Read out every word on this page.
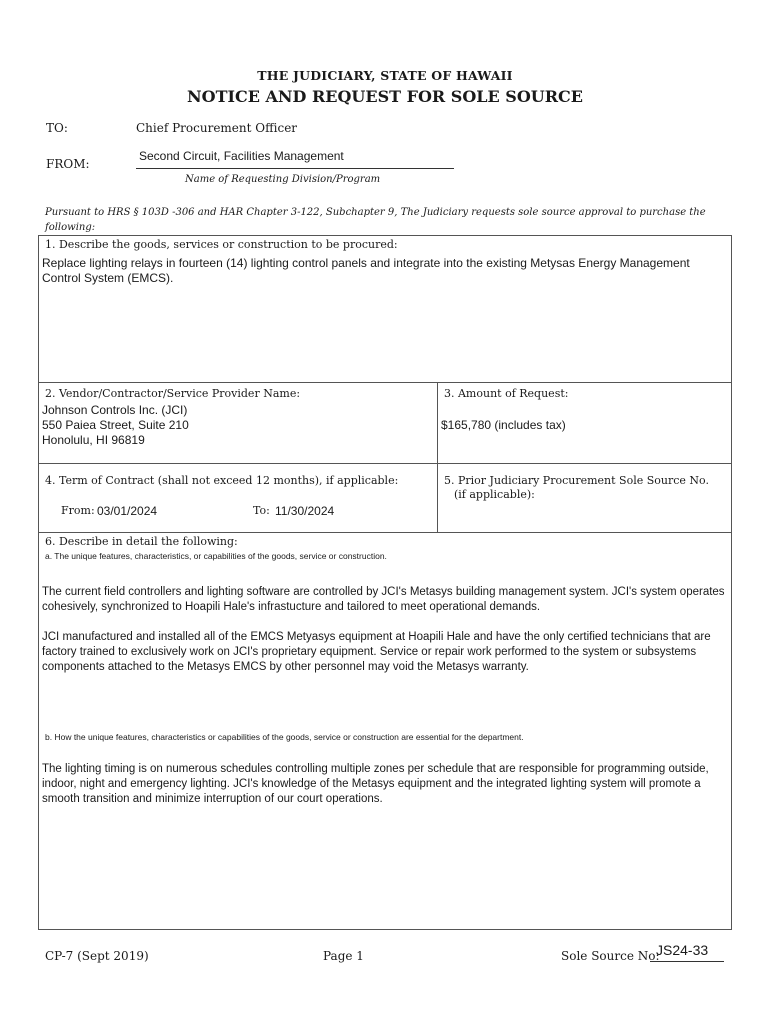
THE JUDICIARY, STATE OF HAWAII
NOTICE AND REQUEST FOR SOLE SOURCE
TO:	Chief Procurement Officer
FROM:
Second Circuit, Facilities Management
Name of Requesting Division/Program
Pursuant to HRS § 103D -306 and HAR Chapter 3-122, Subchapter 9, The Judiciary requests sole source approval to purchase the following:
1. Describe the goods, services or construction to be procured:
Replace lighting relays in fourteen (14) lighting control panels and integrate into the existing Metysas Energy Management Control System (EMCS).
2. Vendor/Contractor/Service Provider Name:
Johnson Controls Inc. (JCI)
550 Paiea Street, Suite 210
Honolulu, HI 96819
3. Amount of Request:
$165,780 (includes tax)
4. Term of Contract (shall not exceed 12 months), if applicable:
From: 03/01/2024	To: 11/30/2024
5. Prior Judiciary Procurement Sole Source No.
(if applicable):
6. Describe in detail the following:
a. The unique features, characteristics, or capabilities of the goods, service or construction.
The current field controllers and lighting software are controlled by JCI's Metasys building management system. JCI's system operates cohesively, synchronized to Hoapili Hale's infrastucture and tailored to meet operational demands.
JCI manufactured and installed all of the EMCS Metyasys equipment at Hoapili Hale and have the only certified technicians that are factory trained to exclusively work on JCI's proprietary equipment. Service or repair work performed to the system or subsystems components attached to the Metasys EMCS by other personnel may void the Metasys warranty.
b. How the unique features, characteristics or capabilities of the goods, service or construction are essential for the department.
The lighting timing is on numerous schedules controlling multiple zones per schedule that are responsible for programming outside, indoor, night and emergency lighting. JCI's knowledge of the Metasys equipment and the integrated lighting system will promote a smooth transition and minimize interruption of our court operations.
CP-7 (Sept 2019)	Page 1	Sole Source No:
JS24-33
